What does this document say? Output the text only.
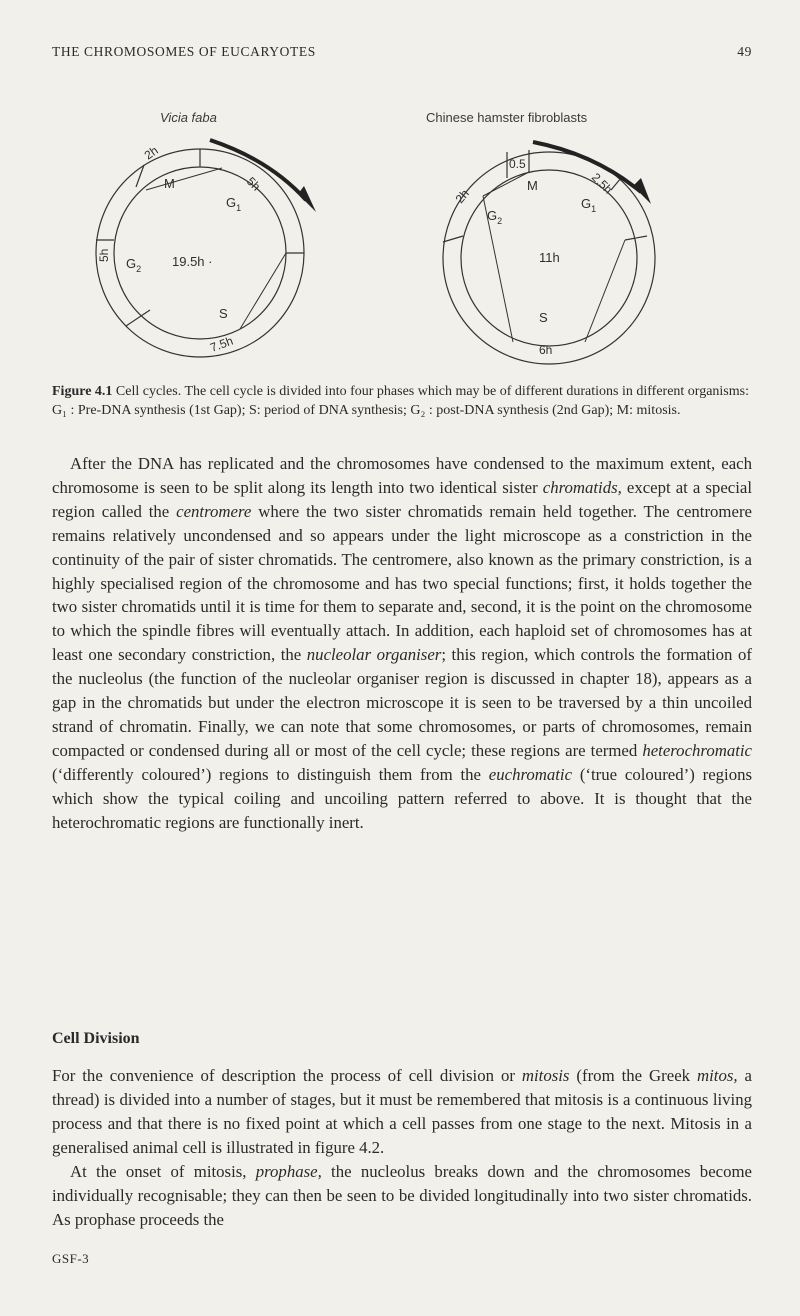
THE CHROMOSOMES OF EUCARYOTES	49
Vicia faba	Chinese hamster fibroblasts
M
$G_1$
$G_2$
S
19.5h ·
2h
5h
5h
7.5h
M
$G_1$
$G_2$
S
11h
0.5
2.5h
2h
6h
Figure 4.1 Cell cycles. The cell cycle is divided into four phases which may be of different durations in different organisms: G₁ : Pre-DNA synthesis (1st Gap); S: period of DNA synthesis; G₂ : post-DNA synthesis (2nd Gap); M: mitosis.

After the DNA has replicated and the chromosomes have condensed to the maximum extent, each chromosome is seen to be split along its length into two identical sister chromatids, except at a special region called the centromere where the two sister chromatids remain held together. The centromere remains relatively uncondensed and so appears under the light microscope as a constriction in the continuity of the pair of sister chromatids. The centromere, also known as the primary constriction, is a highly specialised region of the chromosome and has two special functions; first, it holds together the two sister chromatids until it is time for them to separate and, second, it is the point on the chromosome to which the spindle fibres will eventually attach. In addition, each haploid set of chromosomes has at least one secondary constriction, the nucleolar organiser; this region, which controls the formation of the nucleolus (the function of the nucleolar organiser region is discussed in chapter 18), appears as a gap in the chromatids but under the electron microscope it is seen to be traversed by a thin uncoiled strand of chromatin. Finally, we can note that some chromosomes, or parts of chromosomes, remain compacted or condensed during all or most of the cell cycle; these regions are termed heterochromatic (‘differently coloured’) regions to distinguish them from the euchromatic (‘true coloured’) regions which show the typical coiling and uncoiling pattern referred to above. It is thought that the heterochromatic regions are functionally inert.

Cell Division

For the convenience of description the process of cell division or mitosis (from the Greek mitos, a thread) is divided into a number of stages, but it must be remembered that mitosis is a continuous living process and that there is no fixed point at which a cell passes from one stage to the next. Mitosis in a generalised animal cell is illustrated in figure 4.2.

At the onset of mitosis, prophase, the nucleolus breaks down and the chromosomes become individually recognisable; they can then be seen to be divided longitudinally into two sister chromatids. As prophase proceeds the

GSF-3
